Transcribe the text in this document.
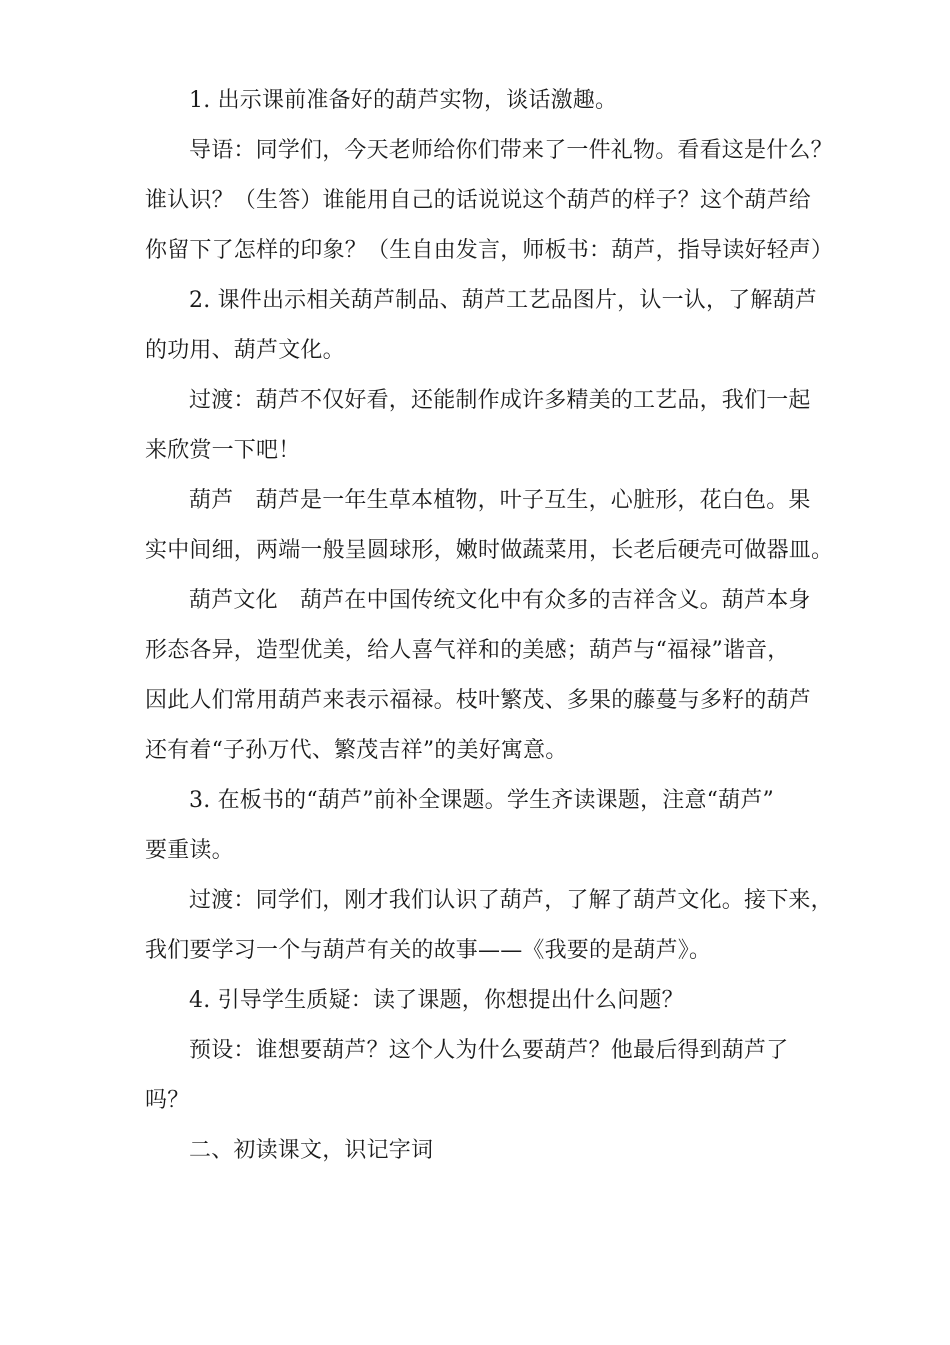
1. 出示课前准备好的葫芦实物，谈话激趣。
导语：同学们，今天老师给你们带来了一件礼物。看看这是什么？
谁认识？（生答）谁能用自己的话说说这个葫芦的样子？这个葫芦给
你留下了怎样的印象？（生自由发言，师板书：葫芦，指导读好轻声）
2. 课件出示相关葫芦制品、葫芦工艺品图片，认一认，了解葫芦
的功用、葫芦文化。
过渡：葫芦不仅好看，还能制作成许多精美的工艺品，我们一起
来欣赏一下吧！
葫芦　葫芦是一年生草本植物，叶子互生，心脏形，花白色。果
实中间细，两端一般呈圆球形，嫩时做蔬菜用，长老后硬壳可做器皿。
葫芦文化　葫芦在中国传统文化中有众多的吉祥含义。葫芦本身
形态各异，造型优美，给人喜气祥和的美感；葫芦与“福禄”谐音，
因此人们常用葫芦来表示福禄。枝叶繁茂、多果的藤蔓与多籽的葫芦
还有着“子孙万代、繁茂吉祥”的美好寓意。
3. 在板书的“葫芦”前补全课题。学生齐读课题，注意“葫芦”
要重读。
过渡：同学们，刚才我们认识了葫芦，了解了葫芦文化。接下来，
我们要学习一个与葫芦有关的故事——《我要的是葫芦》。
4. 引导学生质疑：读了课题，你想提出什么问题？
预设：谁想要葫芦？这个人为什么要葫芦？他最后得到葫芦了
吗？
二、初读课文，识记字词
